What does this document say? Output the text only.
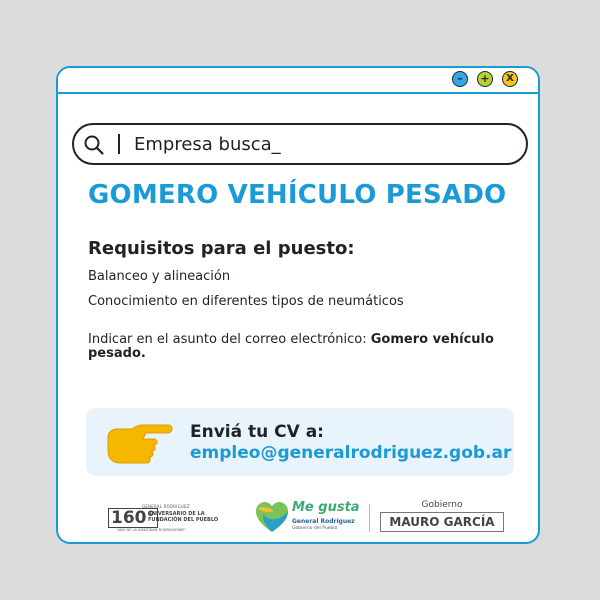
–	+	X
Empresa busca_
GOMERO VEHÍCULO PESADO
Requisitos para el puesto:
Balanceo y alineación
Conocimiento en diferentes tipos de neumáticos
Indicar en el asunto del correo electrónico: Gomero vehículo pesado.
Enviá tu CV a:
empleo@generalrodriguez.gob.ar
GENERAL RODRIGUEZ
160°
ANIVERSARIO DE LA
FUNDACIÓN DEL PUEBLO
"AÑO DE LA IDENTIDAD RODRIGUENSE"
Me gusta
General Rodríguez
Gobierno del Pueblo
Gobierno
MAURO GARCÍA
